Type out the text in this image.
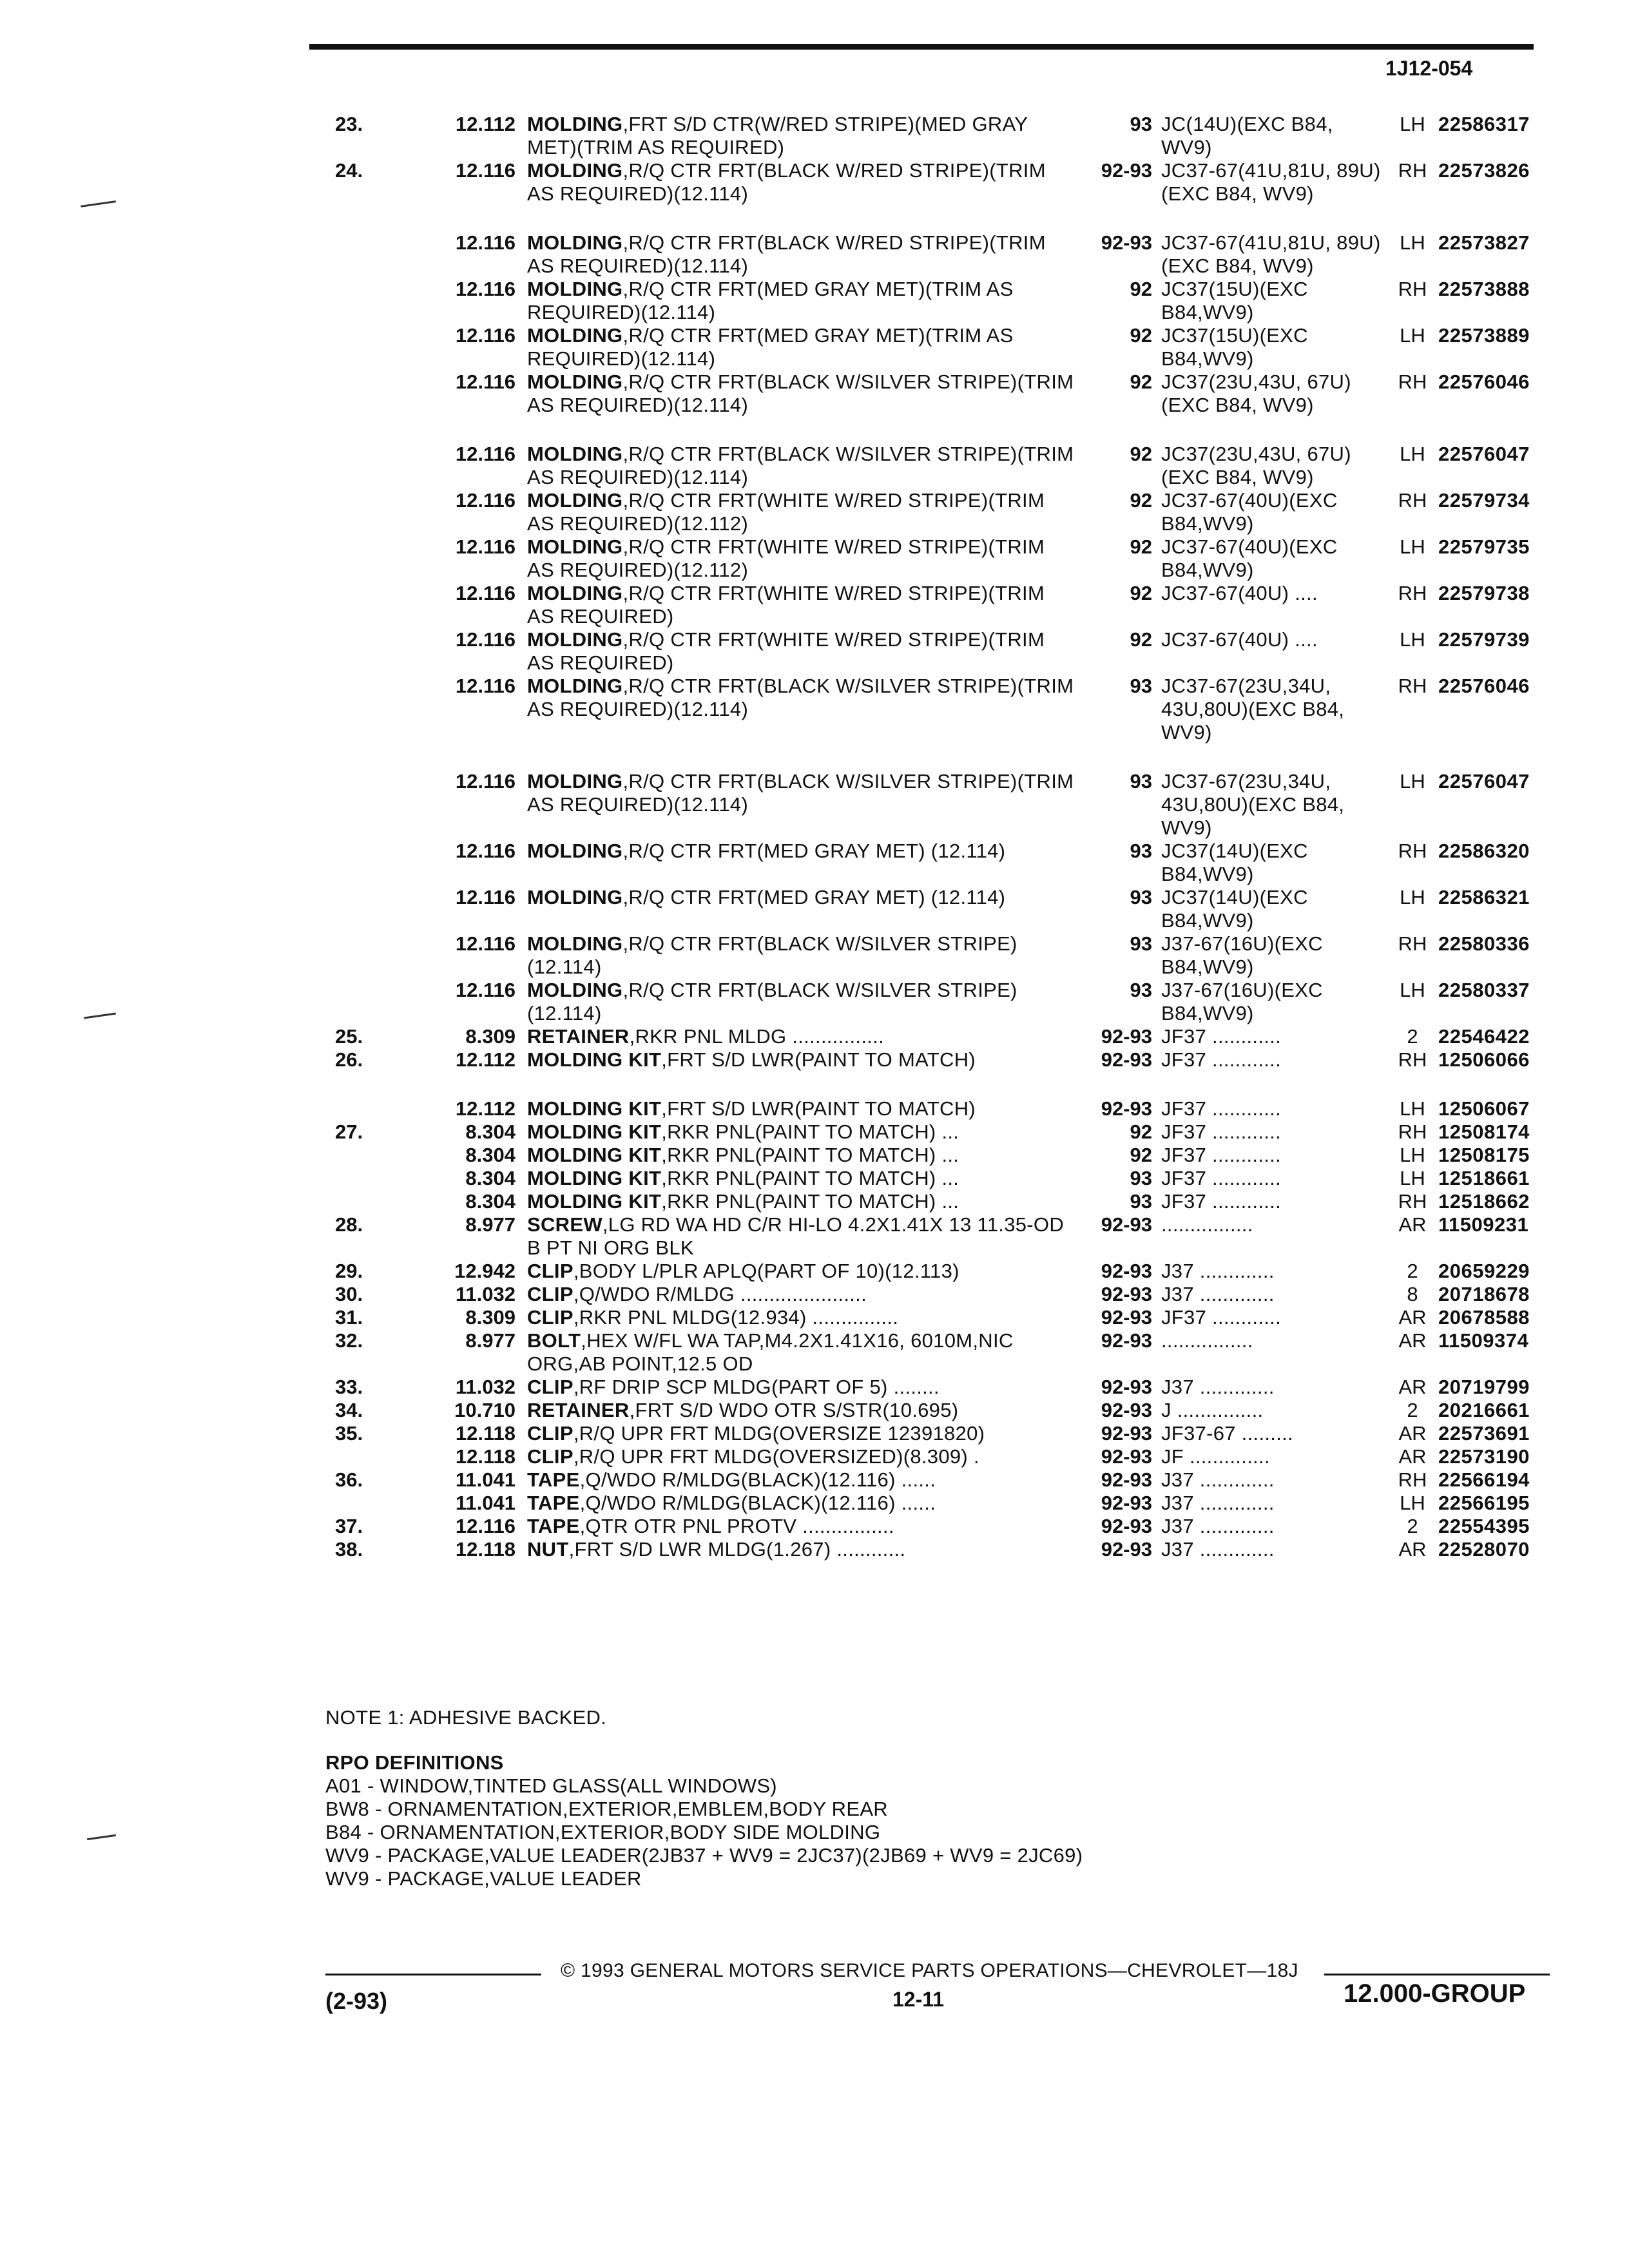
1J12-054
23.	12.112	MOLDING,FRT S/D CTR(W/RED STRIPE)(MED GRAY MET)(TRIM AS REQUIRED)	93	JC(14U)(EXC B84, WV9)	LH	22586317
24.	12.116	MOLDING,R/Q CTR FRT(BLACK W/RED STRIPE)(TRIM AS REQUIRED)(12.114)	92-93	JC37-67(41U,81U, 89U)(EXC B84, WV9)	RH	22573826
	12.116	MOLDING,R/Q CTR FRT(BLACK W/RED STRIPE)(TRIM AS REQUIRED)(12.114)	92-93	JC37-67(41U,81U, 89U)(EXC B84, WV9)	LH	22573827
	12.116	MOLDING,R/Q CTR FRT(MED GRAY MET)(TRIM AS REQUIRED)(12.114)	92	JC37(15U)(EXC B84,WV9)	RH	22573888
	12.116	MOLDING,R/Q CTR FRT(MED GRAY MET)(TRIM AS REQUIRED)(12.114)	92	JC37(15U)(EXC B84,WV9)	LH	22573889
	12.116	MOLDING,R/Q CTR FRT(BLACK W/SILVER STRIPE)(TRIM AS REQUIRED)(12.114)	92	JC37(23U,43U, 67U)(EXC B84, WV9)	RH	22576046
	12.116	MOLDING,R/Q CTR FRT(BLACK W/SILVER STRIPE)(TRIM AS REQUIRED)(12.114)	92	JC37(23U,43U, 67U)(EXC B84, WV9)	LH	22576047
	12.116	MOLDING,R/Q CTR FRT(WHITE W/RED STRIPE)(TRIM AS REQUIRED)(12.112)	92	JC37-67(40U)(EXC B84,WV9)	RH	22579734
	12.116	MOLDING,R/Q CTR FRT(WHITE W/RED STRIPE)(TRIM AS REQUIRED)(12.112)	92	JC37-67(40U)(EXC B84,WV9)	LH	22579735
	12.116	MOLDING,R/Q CTR FRT(WHITE W/RED STRIPE)(TRIM AS REQUIRED)	92	JC37-67(40U) ....	RH	22579738
	12.116	MOLDING,R/Q CTR FRT(WHITE W/RED STRIPE)(TRIM AS REQUIRED)	92	JC37-67(40U) ....	LH	22579739
	12.116	MOLDING,R/Q CTR FRT(BLACK W/SILVER STRIPE)(TRIM AS REQUIRED)(12.114)	93	JC37-67(23U,34U, 43U,80U)(EXC B84, WV9)	RH	22576046
	12.116	MOLDING,R/Q CTR FRT(BLACK W/SILVER STRIPE)(TRIM AS REQUIRED)(12.114)	93	JC37-67(23U,34U, 43U,80U)(EXC B84, WV9)	LH	22576047
	12.116	MOLDING,R/Q CTR FRT(MED GRAY MET) (12.114)	93	JC37(14U)(EXC B84,WV9)	RH	22586320
	12.116	MOLDING,R/Q CTR FRT(MED GRAY MET) (12.114)	93	JC37(14U)(EXC B84,WV9)	LH	22586321
	12.116	MOLDING,R/Q CTR FRT(BLACK W/SILVER STRIPE)(12.114)	93	J37-67(16U)(EXC B84,WV9)	RH	22580336
	12.116	MOLDING,R/Q CTR FRT(BLACK W/SILVER STRIPE)(12.114)	93	J37-67(16U)(EXC B84,WV9)	LH	22580337
25.	8.309	RETAINER,RKR PNL MLDG ................	92-93	JF37 ............	2	22546422
26.	12.112	MOLDING KIT,FRT S/D LWR(PAINT TO MATCH)	92-93	JF37 ............	RH	12506066
	12.112	MOLDING KIT,FRT S/D LWR(PAINT TO MATCH)	92-93	JF37 ............	LH	12506067
27.	8.304	MOLDING KIT,RKR PNL(PAINT TO MATCH) ...	92	JF37 ............	RH	12508174
	8.304	MOLDING KIT,RKR PNL(PAINT TO MATCH) ...	92	JF37 ............	LH	12508175
	8.304	MOLDING KIT,RKR PNL(PAINT TO MATCH) ...	93	JF37 ............	LH	12518661
	8.304	MOLDING KIT,RKR PNL(PAINT TO MATCH) ...	93	JF37 ............	RH	12518662
28.	8.977	SCREW,LG RD WA HD C/R HI-LO 4.2X1.41X 13 11.35-OD B PT NI ORG BLK	92-93	................	AR	11509231
29.	12.942	CLIP,BODY L/PLR APLQ(PART OF 10)(12.113)	92-93	J37 .............	2	20659229
30.	11.032	CLIP,Q/WDO R/MLDG ......................	92-93	J37 .............	8	20718678
31.	8.309	CLIP,RKR PNL MLDG(12.934) ...............	92-93	JF37 ............	AR	20678588
32.	8.977	BOLT,HEX W/FL WA TAP,M4.2X1.41X16, 6010M,NIC ORG,AB POINT,12.5 OD	92-93	................	AR	11509374
33.	11.032	CLIP,RF DRIP SCP MLDG(PART OF 5) ........	92-93	J37 .............	AR	20719799
34.	10.710	RETAINER,FRT S/D WDO OTR S/STR(10.695)	92-93	J ...............	2	20216661
35.	12.118	CLIP,R/Q UPR FRT MLDG(OVERSIZE 12391820)	92-93	JF37-67 .........	AR	22573691
	12.118	CLIP,R/Q UPR FRT MLDG(OVERSIZED)(8.309) .	92-93	JF ..............	AR	22573190
36.	11.041	TAPE,Q/WDO R/MLDG(BLACK)(12.116) ......	92-93	J37 .............	RH	22566194
	11.041	TAPE,Q/WDO R/MLDG(BLACK)(12.116) ......	92-93	J37 .............	LH	22566195
37.	12.116	TAPE,QTR OTR PNL PROTV ................	92-93	J37 .............	2	22554395
38.	12.118	NUT,FRT S/D LWR MLDG(1.267) ............	92-93	J37 .............	AR	22528070
NOTE 1: ADHESIVE BACKED.
RPO DEFINITIONS
A01 - WINDOW,TINTED GLASS(ALL WINDOWS)
BW8 - ORNAMENTATION,EXTERIOR,EMBLEM,BODY REAR
B84 - ORNAMENTATION,EXTERIOR,BODY SIDE MOLDING
WV9 - PACKAGE,VALUE LEADER(2JB37 + WV9 = 2JC37)(2JB69 + WV9 = 2JC69)
WV9 - PACKAGE,VALUE LEADER
© 1993 GENERAL MOTORS SERVICE PARTS OPERATIONS—CHEVROLET—18J
(2-93)	12-11	12.000-GROUP
